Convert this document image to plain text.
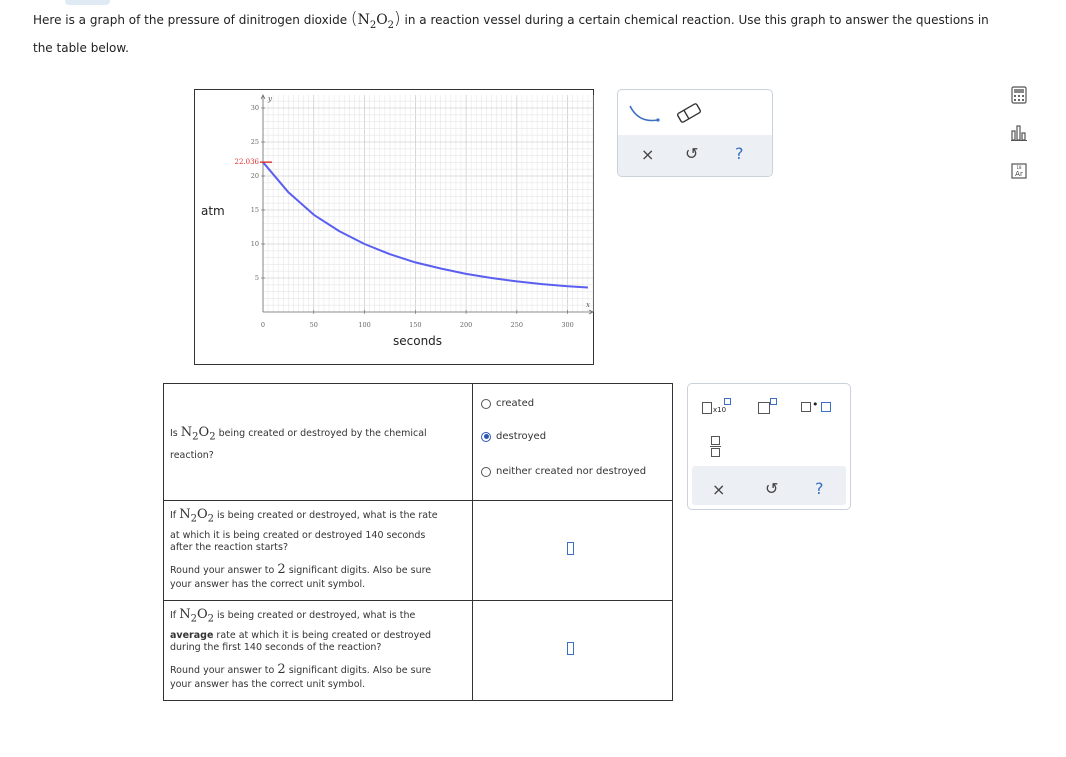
Here is a graph of the pressure of dinitrogen dioxide $(N_2O_2)$ in a reaction vessel during a certain chemical reaction. Use this graph to answer the questions in the table below.
atm
seconds
y
x
0	50	100	150	200	250	300
5
10
15
20
25
30
22.036	× ↺ ?
Is $N_2O_2$ being created or destroyed by the chemical
reaction?
created
destroyed
neither created nor destroyed
If $N_2O_2$ is being created or destroyed, what is the rate
at which it is being created or destroyed 140 seconds
after the reaction starts?
Round your answer to 2 significant digits. Also be sure
your answer has the correct unit symbol.
If $N_2O_2$ is being created or destroyed, what is the
average rate at which it is being created or destroyed
during the first 140 seconds of the reaction?
Round your answer to 2 significant digits. Also be sure
your answer has the correct unit symbol.
x10	•
× ↺ ?
Ar
18
